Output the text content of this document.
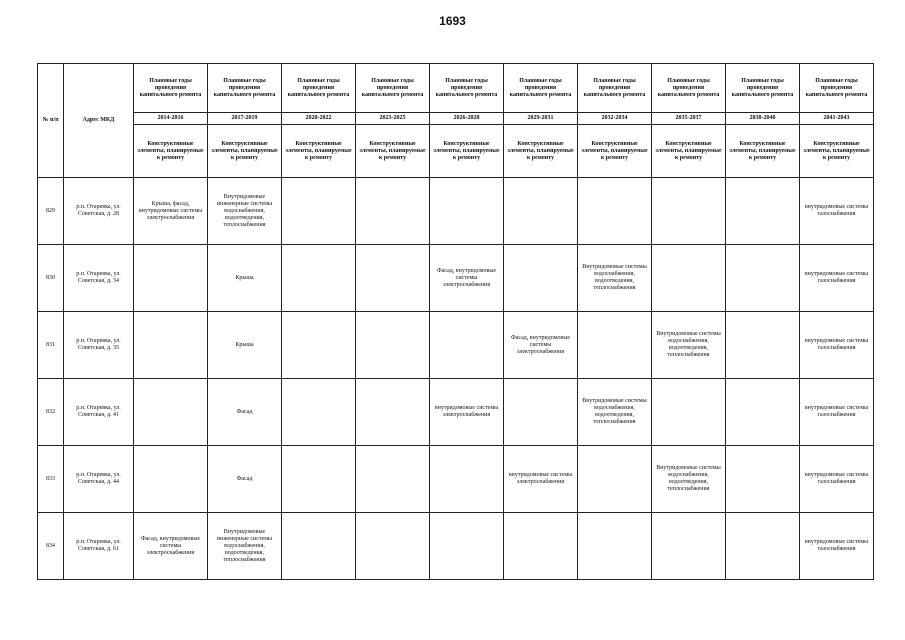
1693
№ п/п	Адрес МКД	Плановые годы проведения капитального ремонта	Плановые годы проведения капитального ремонта	Плановые годы проведения капитального ремонта	Плановые годы проведения капитального ремонта	Плановые годы проведения капитального ремонта	Плановые годы проведения капитального ремонта	Плановые годы проведения капитального ремонта	Плановые годы проведения капитального ремонта	Плановые годы проведения капитального ремонта	Плановые годы проведения капитального ремонта
		2014-2016	2017-2019	2020-2022	2023-2025	2026-2028	2029-2031	2032-2034	2035-2037	2038-2040	2041-2043
		Конструктивные элементы, планируемые к ремонту	Конструктивные элементы, планируемые к ремонту	Конструктивные элементы, планируемые к ремонту	Конструктивные элементы, планируемые к ремонту	Конструктивные элементы, планируемые к ремонту	Конструктивные элементы, планируемые к ремонту	Конструктивные элементы, планируемые к ремонту	Конструктивные элементы, планируемые к ремонту	Конструктивные элементы, планируемые к ремонту	Конструктивные элементы, планируемые к ремонту
829	р.п. Отаревка, ул. Советская, д. 28	Крыша, фасад, внутридомовые системы электроснабжения	Внутридомовые инженерные системы водоснабжения, водоотведения, теплоснабжения								внутридомовые системы газоснабжения
830	р.п. Отаревка, ул. Советская, д. 34		Крыша			Фасад, внутридомовые системы электроснабжения		Внутридомовые системы водоснабжения, водоотведения, теплоснабжения			внутридомовые системы газоснабжения
831	р.п. Отаревка, ул. Советская, д. 35		Крыша				Фасад, внутридомовые системы электроснабжения		Внутридомовые системы водоснабжения, водоотведения, теплоснабжения		внутридомовые системы газоснабжения
832	р.п. Отаревка, ул. Советская, д. 41		Фасад			внутридомовые системы электроснабжения		Внутридомовые системы водоснабжения, водоотведения, теплоснабжения			внутридомовые системы газоснабжения
833	р.п. Отаревка, ул. Советская, д. 44		Фасад				внутридомовые системы электроснабжения		Внутридомовые системы водоснабжения, водоотведения, теплоснабжения		внутридомовые системы газоснабжения
834	р.п. Отаревка, ул. Советская, д. 61	Фасад, внутридомовые системы электроснабжения	Внутридомовые инженерные системы водоснабжения, водоотведения, теплоснабжения								внутридомовые системы газоснабжения
